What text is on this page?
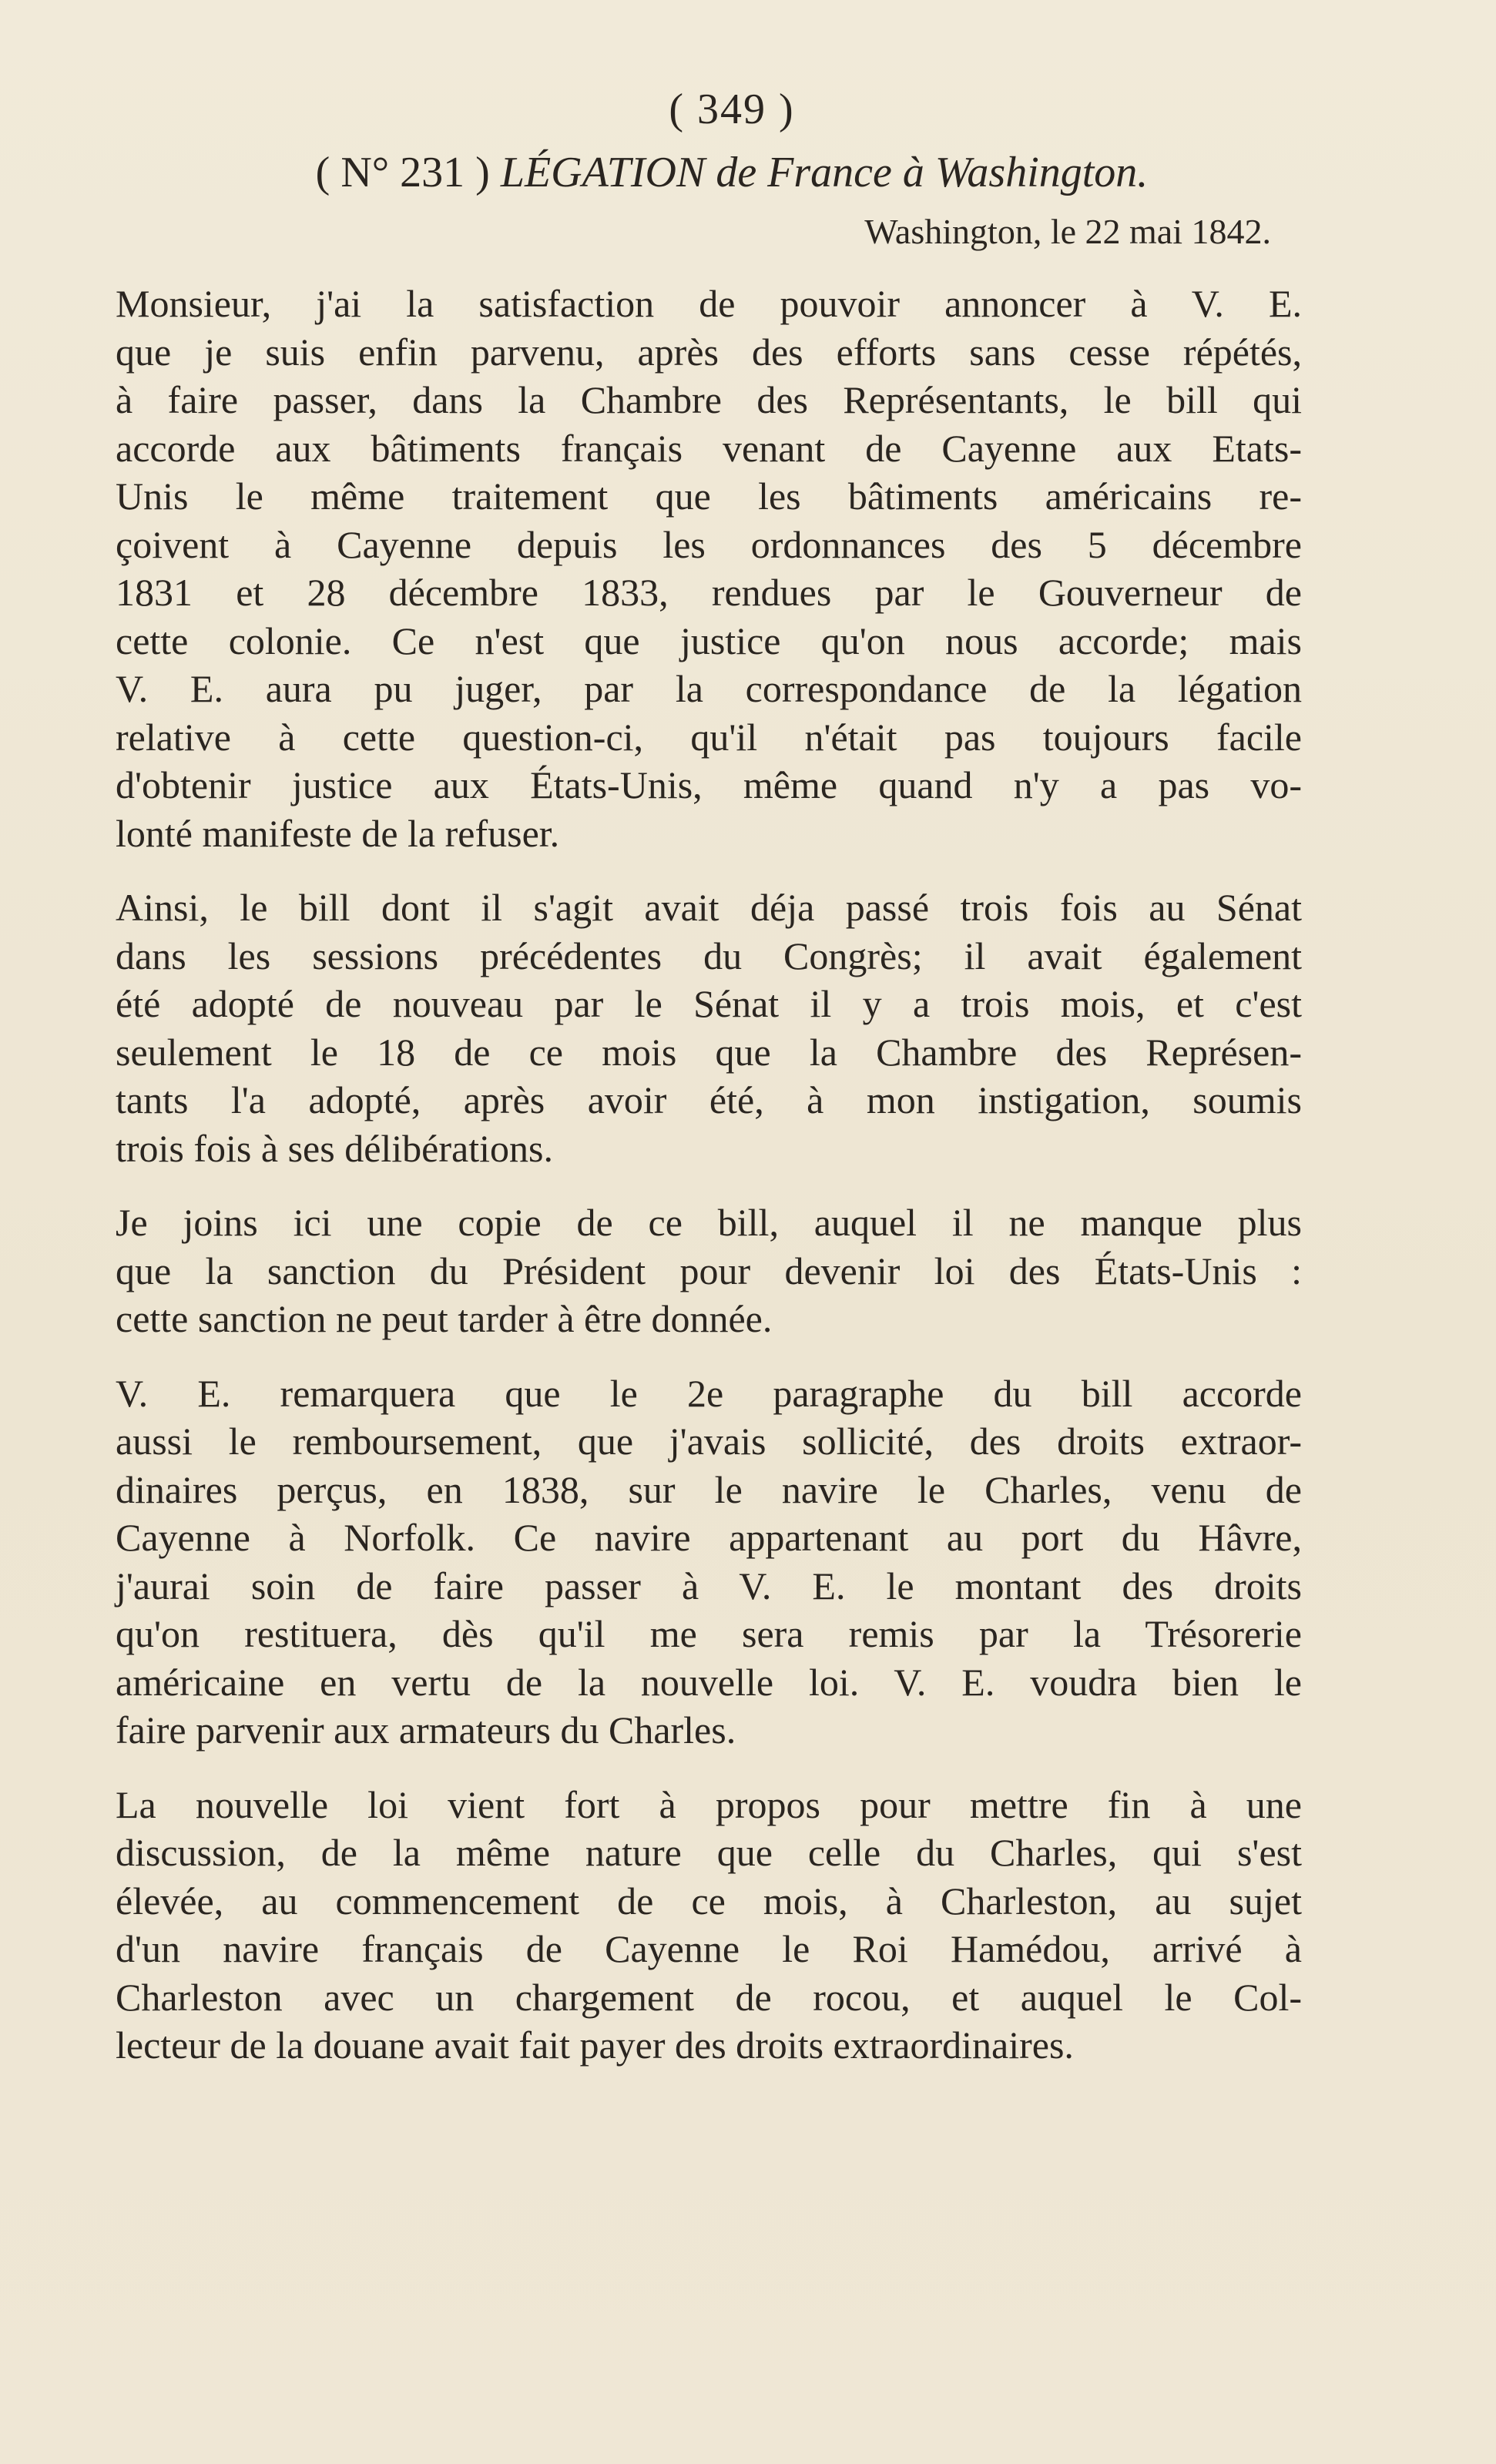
( 349 )
( N° 231 ) LÉGATION de France à Washington.
Washington, le 22 mai 1842.

Monsieur, j'ai la satisfaction de pouvoir annoncer à V. E.
que je suis enfin parvenu, après des efforts sans cesse répétés,
à faire passer, dans la Chambre des Représentants, le bill qui
accorde aux bâtiments français venant de Cayenne aux Etats-
Unis le même traitement que les bâtiments américains re-
çoivent à Cayenne depuis les ordonnances des 5 décembre
1831 et 28 décembre 1833, rendues par le Gouverneur de
cette colonie. Ce n'est que justice qu'on nous accorde; mais
V. E. aura pu juger, par la correspondance de la légation
relative à cette question-ci, qu'il n'était pas toujours facile
d'obtenir justice aux États-Unis, même quand n'y a pas vo-
lonté manifeste de la refuser.

Ainsi, le bill dont il s'agit avait déja passé trois fois au Sénat
dans les sessions précédentes du Congrès; il avait également
été adopté de nouveau par le Sénat il y a trois mois, et c'est
seulement le 18 de ce mois que la Chambre des Représen-
tants l'a adopté, après avoir été, à mon instigation, soumis
trois fois à ses délibérations.

Je joins ici une copie de ce bill, auquel il ne manque plus
que la sanction du Président pour devenir loi des États-Unis :
cette sanction ne peut tarder à être donnée.

V. E. remarquera que le 2e paragraphe du bill accorde
aussi le remboursement, que j'avais sollicité, des droits extraor-
dinaires perçus, en 1838, sur le navire le Charles, venu de
Cayenne à Norfolk. Ce navire appartenant au port du Hâvre,
j'aurai soin de faire passer à V. E. le montant des droits
qu'on restituera, dès qu'il me sera remis par la Trésorerie
américaine en vertu de la nouvelle loi. V. E. voudra bien le
faire parvenir aux armateurs du Charles.

La nouvelle loi vient fort à propos pour mettre fin à une
discussion, de la même nature que celle du Charles, qui s'est
élevée, au commencement de ce mois, à Charleston, au sujet
d'un navire français de Cayenne le Roi Hamédou, arrivé à
Charleston avec un chargement de rocou, et auquel le Col-
lecteur de la douane avait fait payer des droits extraordinaires.
